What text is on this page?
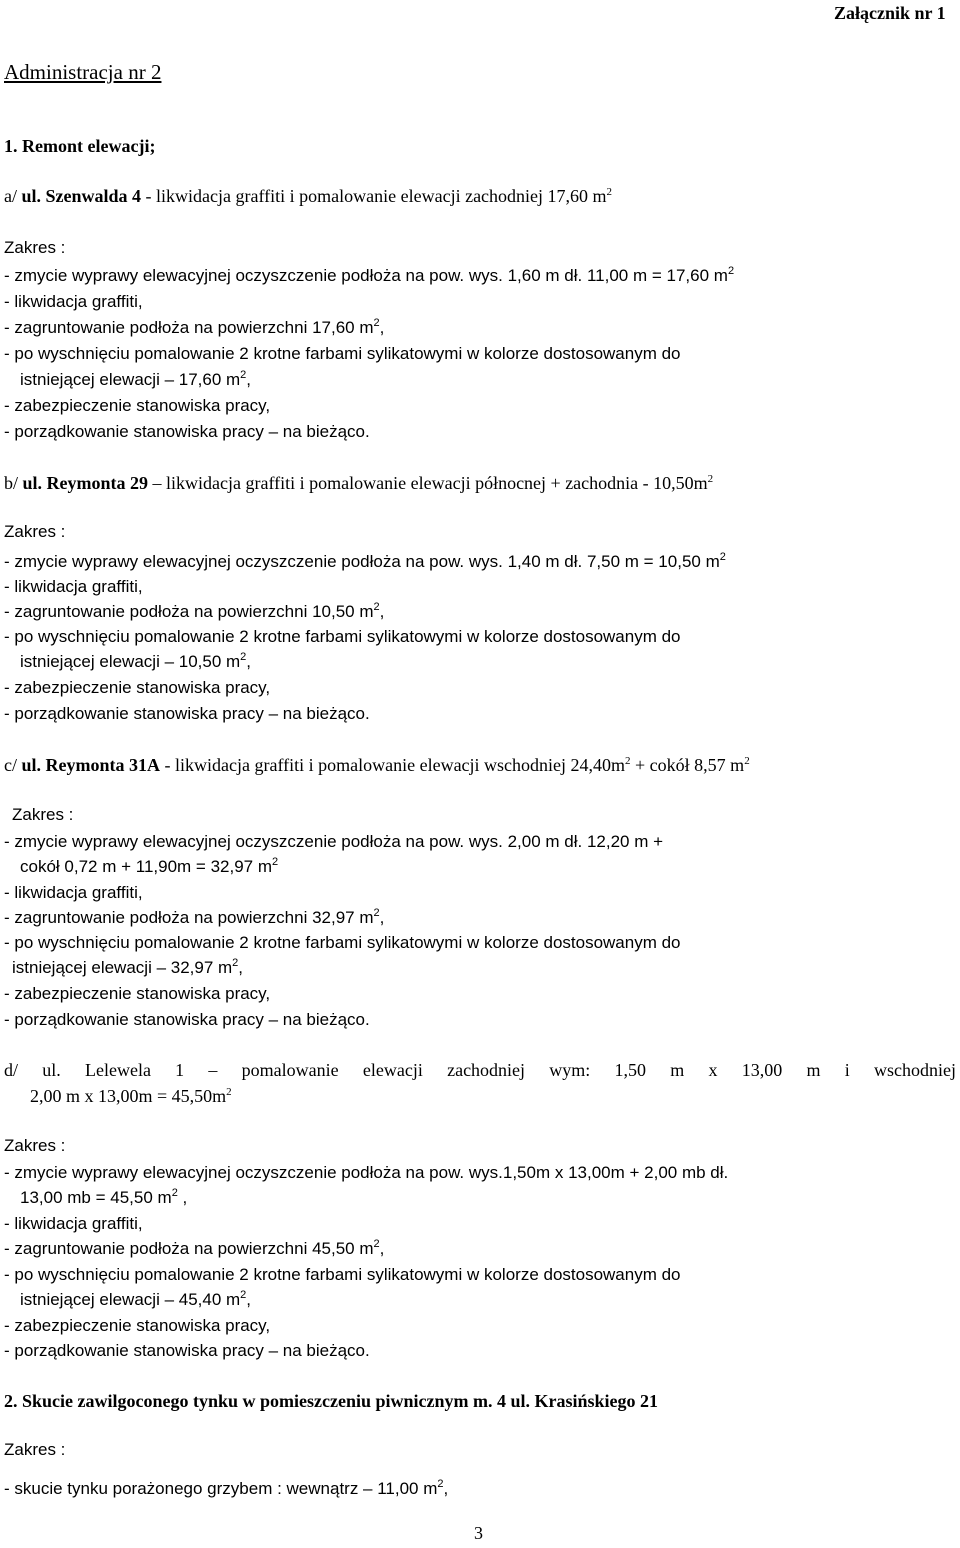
Załącznik nr 1
Administracja nr 2
1. Remont elewacji;
a/ ul. Szenwalda 4 - likwidacja graffiti i pomalowanie elewacji zachodniej 17,60 $m^2$
Zakres :
- zmycie wyprawy elewacyjnej oczyszczenie podłoża na pow. wys. 1,60 m dł. 11,00 m = 17,60 $m^2$
- likwidacja graffiti,
- zagruntowanie podłoża na powierzchni 17,60 $m^2$,
- po wyschnięciu pomalowanie 2 krotne farbami sylikatowymi w kolorze dostosowanym do
istniejącej elewacji – 17,60 $m^2$,
- zabezpieczenie stanowiska pracy,
- porządkowanie stanowiska pracy – na bieżąco.
b/ ul. Reymonta 29 – likwidacja graffiti i pomalowanie elewacji północnej + zachodnia - $10,50m^2$
Zakres :
- zmycie wyprawy elewacyjnej oczyszczenie podłoża na pow. wys. 1,40 m dł. 7,50 m = 10,50 $m^2$
- likwidacja graffiti,
- zagruntowanie podłoża na powierzchni 10,50 $m^2$,
- po wyschnięciu pomalowanie 2 krotne farbami sylikatowymi w kolorze dostosowanym do
istniejącej elewacji – 10,50 $m^2$,
- zabezpieczenie stanowiska pracy,
- porządkowanie stanowiska pracy – na bieżąco.
c/ ul. Reymonta 31A - likwidacja graffiti i pomalowanie elewacji wschodniej $24,40m^2$ + cokół 8,57 $m^2$
Zakres :
- zmycie wyprawy elewacyjnej oczyszczenie podłoża na pow. wys. 2,00 m dł. 12,20 m +
cokół 0,72 m + 11,90m = 32,97 $m^2$
- likwidacja graffiti,
- zagruntowanie podłoża na powierzchni 32,97 $m^2$,
- po wyschnięciu pomalowanie 2 krotne farbami sylikatowymi w kolorze dostosowanym do
istniejącej elewacji – 32,97 $m^2$,
- zabezpieczenie stanowiska pracy,
- porządkowanie stanowiska pracy – na bieżąco.
d/ ul. Lelewela 1 – pomalowanie elewacji zachodniej wym: 1,50 m x 13,00 m i wschodniej
2,00 m x $13,00m = 45,50m^2$
Zakres :
- zmycie wyprawy elewacyjnej oczyszczenie podłoża na pow. wys.1,50m x 13,00m + 2,00 mb dł.
13,00 mb = 45,50 $m^2$ ,
- likwidacja graffiti,
- zagruntowanie podłoża na powierzchni 45,50 $m^2$,
- po wyschnięciu pomalowanie 2 krotne farbami sylikatowymi w kolorze dostosowanym do
istniejącej elewacji – 45,40 $m^2$,
- zabezpieczenie stanowiska pracy,
- porządkowanie stanowiska pracy – na bieżąco.
2. Skucie zawilgoconego tynku w pomieszczeniu piwnicznym m. 4 ul. Krasińskiego 21
Zakres :
- skucie tynku porażonego grzybem : wewnątrz – 11,00 $m^2$,
3
